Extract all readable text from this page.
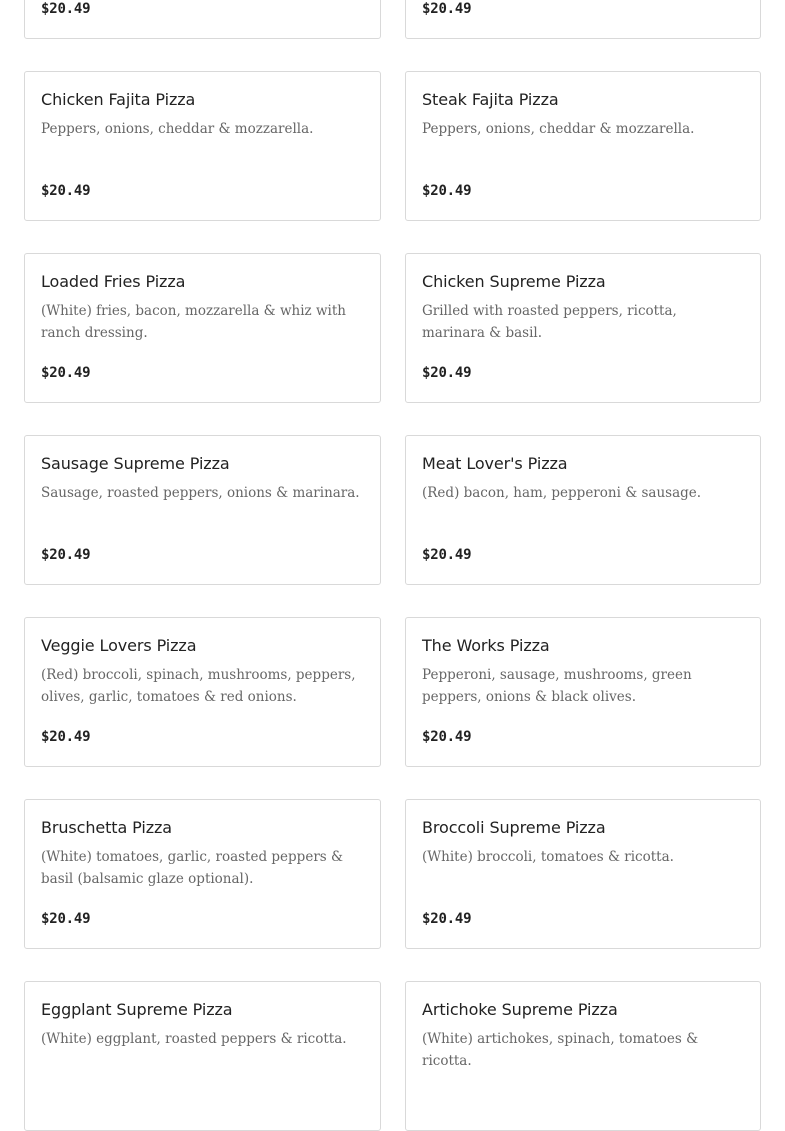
$20.49	$20.49
Chicken Fajita Pizza
Peppers, onions, cheddar & mozzarella.
$20.49
Steak Fajita Pizza
Peppers, onions, cheddar & mozzarella.
$20.49
Loaded Fries Pizza
(White) fries, bacon, mozzarella & whiz with ranch dressing.
$20.49
Chicken Supreme Pizza
Grilled with roasted peppers, ricotta, marinara & basil.
$20.49
Sausage Supreme Pizza
Sausage, roasted peppers, onions & marinara.
$20.49
Meat Lover's Pizza
(Red) bacon, ham, pepperoni & sausage.
$20.49
Veggie Lovers Pizza
(Red) broccoli, spinach, mushrooms, peppers, olives, garlic, tomatoes & red onions.
$20.49
The Works Pizza
Pepperoni, sausage, mushrooms, green peppers, onions & black olives.
$20.49
Bruschetta Pizza
(White) tomatoes, garlic, roasted peppers & basil (balsamic glaze optional).
$20.49
Broccoli Supreme Pizza
(White) broccoli, tomatoes & ricotta.
$20.49
Eggplant Supreme Pizza
(White) eggplant, roasted peppers & ricotta.
Artichoke Supreme Pizza
(White) artichokes, spinach, tomatoes & ricotta.
